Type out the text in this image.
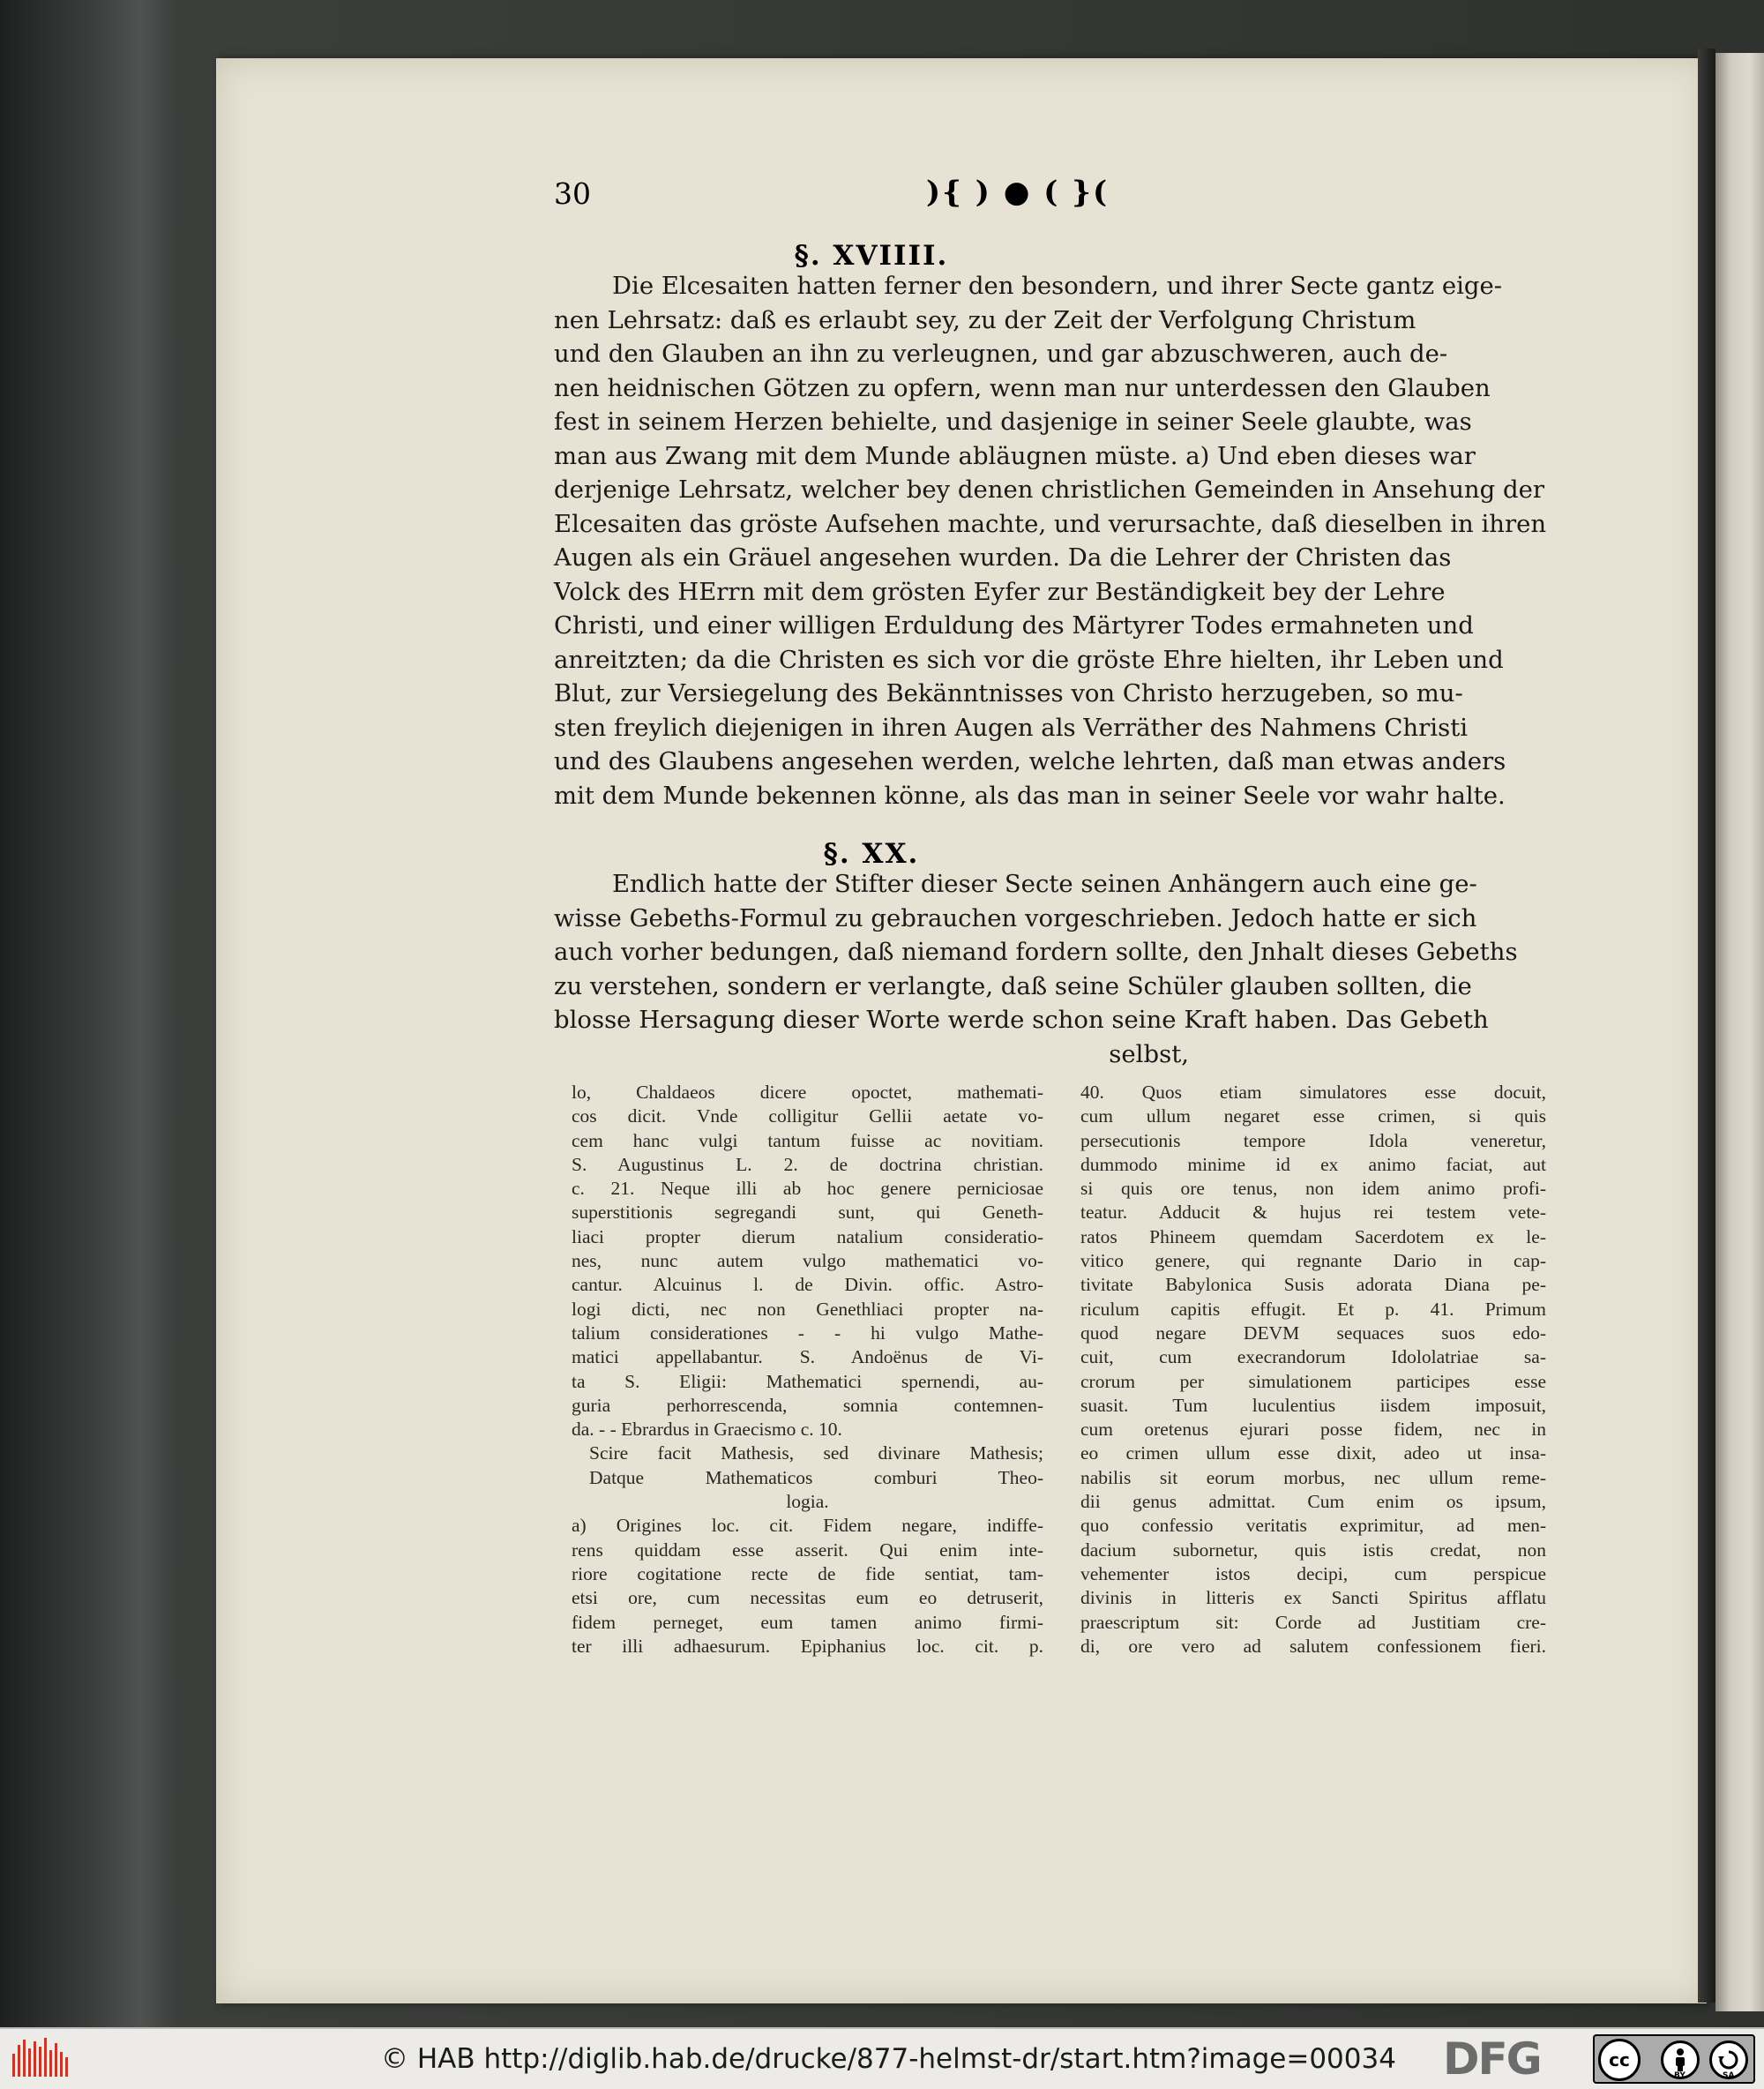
30	){ ) ● ( }(
§. XVIIII.
Die Elcesaiten hatten ferner den besondern, und ihrer Secte gantz eige‑
nen Lehrsatz: daß es erlaubt sey, zu der Zeit der Verfolgung Christum
und den Glauben an ihn zu verleugnen, und gar abzuschweren, auch de‑
nen heidnischen Götzen zu opfern, wenn man nur unterdessen den Glauben
fest in seinem Herzen behielte, und dasjenige in seiner Seele glaubte, was
man aus Zwang mit dem Munde abläugnen müste. a) Und eben dieses war
derjenige Lehrsatz, welcher bey denen christlichen Gemeinden in Ansehung der
Elcesaiten das gröste Aufsehen machte, und verursachte, daß dieselben in ihren
Augen als ein Gräuel angesehen wurden. Da die Lehrer der Christen das
Volck des HErrn mit dem grösten Eyfer zur Beständigkeit bey der Lehre
Christi, und einer willigen Erduldung des Märtyrer Todes ermahneten und
anreitzten; da die Christen es sich vor die gröste Ehre hielten, ihr Leben und
Blut, zur Versiegelung des Bekänntnisses von Christo herzugeben, so mu‑
sten freylich diejenigen in ihren Augen als Verräther des Nahmens Christi
und des Glaubens angesehen werden, welche lehrten, daß man etwas anders
mit dem Munde bekennen könne, als das man in seiner Seele vor wahr halte.
§. XX.
Endlich hatte der Stifter dieser Secte seinen Anhängern auch eine ge‑
wisse Gebeths‑Formul zu gebrauchen vorgeschrieben. Jedoch hatte er sich
auch vorher bedungen, daß niemand fordern sollte, den Jnhalt dieses Gebeths
zu verstehen, sondern er verlangte, daß seine Schüler glauben sollten, die
blosse Hersagung dieser Worte werde schon seine Kraft haben. Das Gebeth
selbst,
lo, Chaldaeos dicere opoctet, mathemati-
cos dicit. Vnde colligitur Gellii aetate vo-
cem hanc vulgi tantum fuisse ac novitiam.
S. Augustinus L. 2. de doctrina christian.
c. 21. Neque illi ab hoc genere perniciosae
superstitionis segregandi sunt, qui Geneth-
liaci propter dierum natalium consideratio-
nes, nunc autem vulgo mathematici vo-
cantur. Alcuinus l. de Divin. offic. Astro-
logi dicti, nec non Genethliaci propter na-
talium considerationes - - hi vulgo Mathe-
matici appellabantur. S. Andoënus de Vi-
ta S. Eligii: Mathematici spernendi, au-
guria perhorrescenda, somnia contemnen-
da. - - Ebrardus in Graecismo c. 10.
Scire facit Mathesis, sed divinare Mathesis;
Datque Mathematicos comburi Theo-
logia.
a) Origines loc. cit. Fidem negare, indiffe-
rens quiddam esse asserit. Qui enim inte-
riore cogitatione recte de fide sentiat, tam-
etsi ore, cum necessitas eum eo detruserit,
fidem perneget, eum tamen animo firmi-
ter illi adhaesurum. Epiphanius loc. cit. p.
40. Quos etiam simulatores esse docuit,
cum ullum negaret esse crimen, si quis
persecutionis tempore Idola veneretur,
dummodo minime id ex animo faciat, aut
si quis ore tenus, non idem animo profi-
teatur. Adducit & hujus rei testem vete-
ratos Phineem quemdam Sacerdotem ex le-
vitico genere, qui regnante Dario in cap-
tivitate Babylonica Susis adorata Diana pe-
riculum capitis effugit. Et p. 41. Primum
quod negare DEVM sequaces suos edo-
cuit, cum execrandorum Idololatriae sa-
crorum per simulationem participes esse
suasit. Tum luculentius iisdem imposuit,
cum oretenus ejurari posse fidem, nec in
eo crimen ullum esse dixit, adeo ut insa-
nabilis sit eorum morbus, nec ullum reme-
dii genus admittat. Cum enim os ipsum,
quo confessio veritatis exprimitur, ad men-
dacium subornetur, quis istis credat, non
vehementer istos decipi, cum perspicue
divinis in litteris ex Sancti Spiritus afflatu
praescriptum sit: Corde ad Justitiam cre-
di, ore vero ad salutem confessionem fieri.
© HAB http://diglib.hab.de/drucke/877-helmst-dr/start.htm?image=00034 DFG	cc
BY	SA
